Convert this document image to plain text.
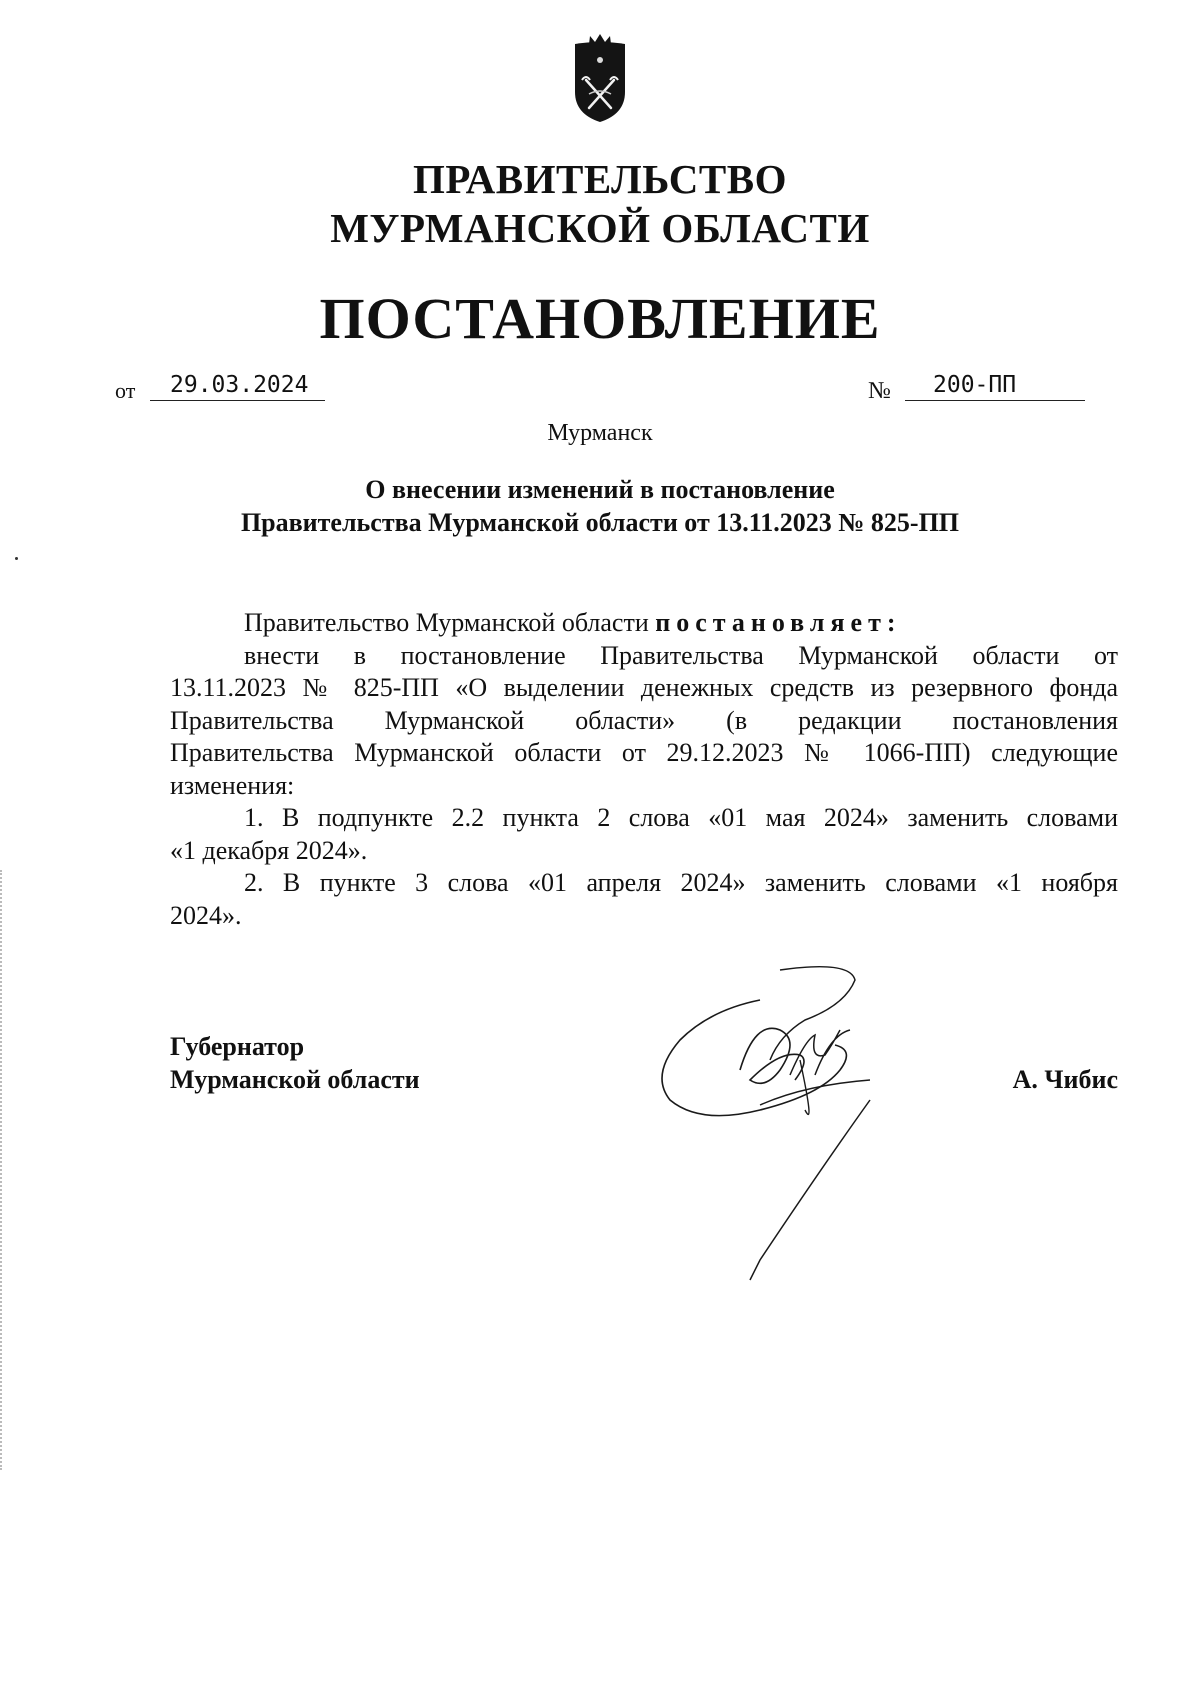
ПРАВИТЕЛЬСТВО
МУРМАНСКОЙ ОБЛАСТИ
ПОСТАНОВЛЕНИЕ
от	29.03.2024	№	200-ПП
Мурманск
О внесении изменений в постановление
Правительства Мурманской области от 13.11.2023 № 825-ПП
Правительство Мурманской области постановляет:
внести в постановление Правительства Мурманской области от
13.11.2023 № 825-ПП «О выделении денежных средств из резервного фонда
Правительства Мурманской области» (в редакции постановления
Правительства Мурманской области от 29.12.2023 № 1066-ПП) следующие
изменения:
1. В подпункте 2.2 пункта 2 слова «01 мая 2024» заменить словами
«1 декабря 2024».
2. В пункте 3 слова «01 апреля 2024» заменить словами «1 ноября
2024».
Губернатор
Мурманской области	А. Чибис
